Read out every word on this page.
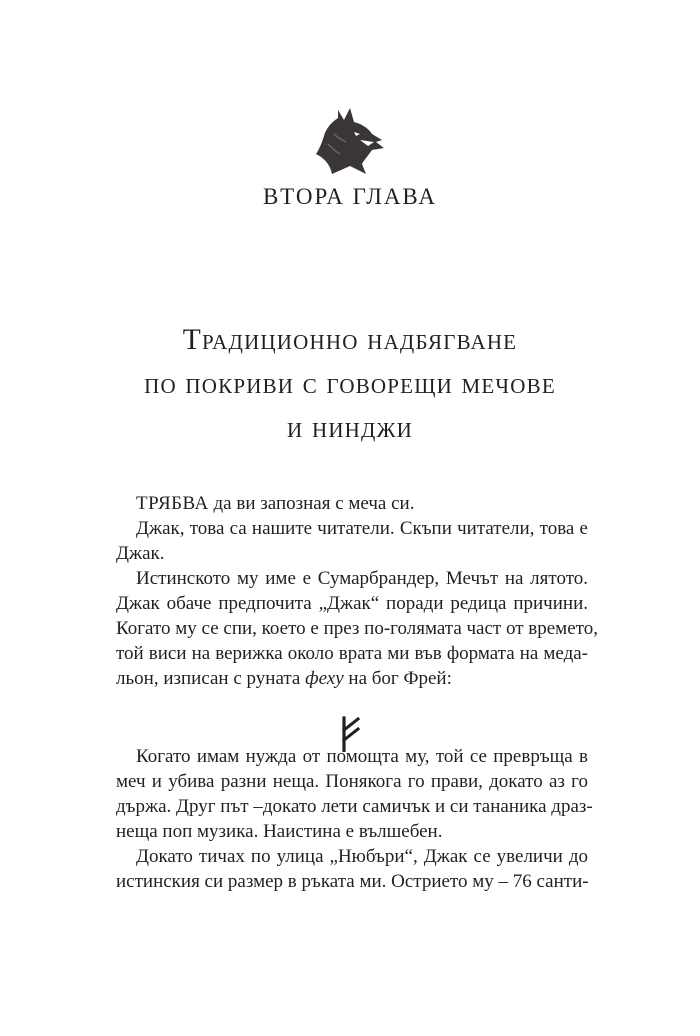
ВТОРА ГЛАВА
Традиционно надбягване
по покриви с говорещи мечове
и нинджи
ТРЯБВА да ви запозная с меча си.
Джак, това са нашите читатели. Скъпи читатели, това е
Джак.
Истинското му име е Сумарбрандер, Мечът на лятото.
Джак обаче предпочита „Джак“ поради редица причини.
Когато му се спи, което е през по-голямата част от времето,
той виси на верижка около врата ми във формата на меда-
льон, изписан с руната феху на бог Фрей:
Когато имам нужда от помощта му, той се превръща в
меч и убива разни неща. Понякога го прави, докато аз го
държа. Друг път –докато лети самичък и си тананика драз-
неща поп музика. Наистина е вълшебен.
Докато тичах по улица „Нюбъри“, Джак се увеличи до
истинския си размер в ръката ми. Острието му – 76 санти-
